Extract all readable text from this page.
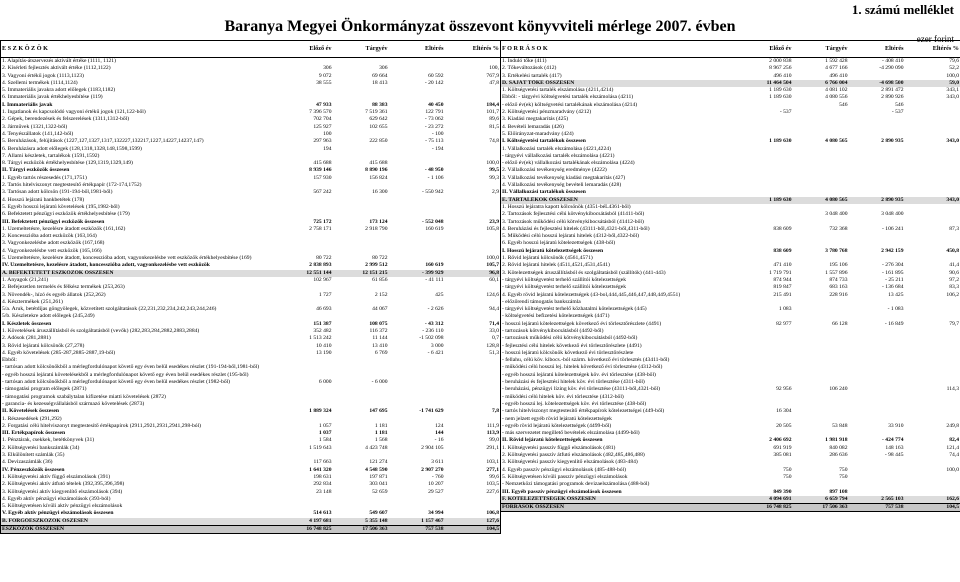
1. számú melléklet
Baranya Megyei Önkormányzat összevont könyvviteli mérlege 2007. évben
ezer forint
E S Z K Ö Z Ö K	Előző év	Tárgyév	Eltérés	Eltérés %
1. Alapítás-átszervezés aktivált értéke (1111, 1121)				
2. Kísérleti fejlesztés aktivált értéke (1112,1122)	306	306		100,
3. Vagyoni értékű jogok (1113,1123)	9 072	69 664	60 592	767,9
4. Szellemi termékek (1114,1124)	38 555	18 413	- 20 142	47,8
5. Immateriális javakra adott előlegek (1183,1182)				
6. Immateriális javak értékhelyesbítése (119)				
I. Immateriális javak	47 933	88 383	40 450	184,4
1. Ingatlanok és kapcsolódó vagyoni értékű jogok (121,122-ből)	7 396 570	7 519 361	122 791	101,7
2. Gépek, berendezések és felszerelések (1311,1312-ből)	702 704	629 642	- 73 062	89,6
3. Járművek (1321,1322-ből)	125 927	102 655	- 23 272	81,5
4. Tenyészállatok (141,142-ből)	100		- 100	
5. Beruházások, felújítások (1227,127,1327,1317,132227,132217,1227,14227,14237,147)	297 963	222 850	- 75 113	74,8
6. Beruházásra adott előlegek (128,1318,1328,148,1598,1599)	194		- 194	
7. Állami készletek, tartalékok (1591,1592)				
8. Tárgyi eszközök értékhelyesbítése (129,1319,1329,149)	415 688	415 688		100,0
II. Tárgyi eszközök összesen	8 939 146	8 890 196	- 48 950	99,5
1. Egyéb tartós részesedés (171,1751)	157 930	156 824	- 1 106	99,3
2. Tartós hitelviszonyt megtestesítő értékpapír (172-174,1752)				
3. Tartósan adott kölcsön (191-194-ből,1981-ből)	567 242	16 300	- 550 942	2,9
4. Hosszú lejáratú bankbetétek (178)				
5. Egyéb hosszú lejáratú követelések (195,1982-ből)				
6. Befektetett pénzügyi eszközök értékhelyesbítése (179)				
III. Befektetett pénzügyi eszközök összesen	725 172	173 124	- 552 048	23,9
1. Üzemeltetésre, kezelésre átadott eszközök (161,162)	2 758 171	2 918 790	160 619	105,8
2. Koncesszióba adott eszközök (163,164)				
3. Vagyonkezelésbe adott eszközök (167,168)				
4. Vagyonkezelésbe vett eszközök (165,166)				
5. Üzemeltetésre, kezelésre átadott, koncesszióba adott, vagyonkezelésbe vett eszközök értékhelyesbítése (169)	80 722	80 722		100,0
IV. Üzemeltetésre, kezelésre átadott, koncesszióba adott, vagyonkezelésbe vett eszközök	2 838 893	2 999 512	160 619	105,7
A. BEFEKTETETT ESZKÖZÖK ÖSSZESEN	12 551 144	12 151 215	- 399 929	96,8
1. Anyagok (21,241)	102 967	61 856	- 41 111	60,1
2. Befejezetlen termelés és félkész termékek (253,263)				
3. Növendék-, hízó és egyéb állatok (252,262)	1 727	2 152	425	124,6
4. Késztermékek (251,261)				
5/a. Áruk, betétdíjas göngyölegek, közvetített szolgáltatások (22,231,232,234,242,243,244,246)	46 693	44 067	- 2 626	94,4
5/b. Készletekre adott előlegek (245,249)				
I. Készletek összesen	151 387	108 075	- 43 312	71,4
1. Követelések áruszállításból és szolgáltatásból (vevők) (282,283,284,2882,2883,2884)	352 482	116 372	- 236 110	33,0
2. Adósok (281,2881)	1 513 242	11 144	-1 502 098	0,7
3. Rövid lejáratú kölcsönök (27,278)	10 410	13 410	3 000	128,8
4. Egyéb követelések (285-287,2885-2887,19-ből)	13 190	6 769	- 6 421	51,3
Ebből:				
- tartósan adott kölcsönökből a mérlegfordulónapot követő egy éven belül esedékes részlet (191-194-ből,1981-ből)				
- egyéb hosszú lejáratú követelésekből a mérlegfordulónapot követő egy éven belül esedékes részlet (195-ből)				
- tartósan adott kölcsönökből a mérlegfordulónapot követő egy éven belül esedékes részlet (1982-ből)	6 000	- 6 000		
- támogatási program előlegek (2871)				
- támogatási programok szabálytalan kifizetése miatti követelések (2872)				
- garancia- és kezességvállalásból származó követelések (2873)				
II. Követelések összesen	1 889 324	147 695	-1 741 629	7,8
1. Részesedések (291,292)				
2. Forgatási célú hitelviszonyt megtestesítő értékpapírok (2911,2921,2931,2941,298-ból)	1 057	1 181	124	111,9
III. Értékpapírok összesen	1 037	1 181	144	113,9
1. Pénztárak, csekkek, betétkönyvek (31)	1 584	1 568	- 16	99,0
2. Költségvetési bankszámlák (34)	1 519 643	4 423 748	2 904 105	291,1
3. Elkülönített számlák (35)				
4. Devizaszámlák (36)	117 663	121 274	3 611	103,1
IV. Pénzeszközök összesen	1 641 320	4 548 590	2 907 270	277,1
1. Költségvetési aktív függő elszámolások (391)	198 631	197 871	- 760	99,6
2. Költségvetési aktív átfutó tételek (392,395,396,398)	292 834	303 041	10 207	103,5
3. Költségvetési aktív kiegyenlítő elszámolások (394)	23 148	52 659	29 527	227,6
4. Egyéb aktív pénzügyi elszámolások (393-ból)				
5. Költségvetésen kívüli aktív pénzügyi elszámolások				
V. Egyéb aktív pénzügyi elszámolások összesen	514 613	549 607	34 994	106,8
B. FORGÓESZKÖZÖK ÖSZESEN	4 197 681	5 355 148	1 157 467	127,6
ESZKÖZÖK ÖSSZESEN	16 748 825	17 506 363	757 538	104,5
F O R R Á S O K	Előző év	Tárgyév	Eltérés	Eltérés %
1. Induló tőke (411)	2 000 838	1 592 428	- 408 410	79,6
2. Tőkeváltozások (412)	8 967 256	4 677 166	-4 290 090	52,2
3. Értékelési tartalék (417)	496 410	496 410		100,0
D. SAJÁT TŐKE ÖSSZESEN	11 464 504	6 766 004	-4 698 500	59,0
1. Költségvetési tartalék elszámolása (4211,4214)	1 189 630	4 081 102	2 891 472	343,1
Ebből: - tárgyévi költségvetési tartalék elszámolása (4211)	1 189 630	4 080 556	2 890 926	343,0
- előző év(ek) költségvetési tartalékának elszámolása (4214)		546	546	
2. Költségvetési pénzmaradvány (4212)	- 537		- 537	
3. Kiadási megtakarítás (425)				
4. Bevételi lemaradás (426)				
5. Előirányzat-maradvány (424)				
I. Költségvetési tartalékok összesen	1 189 630	4 080 565	2 890 935	343,0
1. Vállalkozási tartalék elszámolása (4221,4224)				
- tárgyévi vállalkozási tartalék elszámolása (4221)				
- előző év(ek) vállalkozási tartalékának elszámolása (4224)				
2. Vállalkozási tevékenység eredménye (4222)				
3. Vállalkozási tevékenység kiadási megtakarítás (427)				
4. Vállalkozási tevékenység bevételi lemaradás (428)				
II. Vállalkozási tartalékok összesen				
E. TARTALÉKOK ÖSSZESEN	1 189 630	4 080 565	2 890 935	343,0
1. Hosszú lejáratra kapott kölcsönök (4351-béL4361-ből)				
2. Tartozások fejlesztési célú kötvénykibocsátásból (41411-ből)		3 048 400	3 048 400	
3. Tartozások működési célú kötvénykibocsátásból (41412-ből)				
4. Beruházási és fejlesztési hitelek (43111-ből,4321-ből,4311-ből)	838 609	732 368	- 106 241	87,3
5. Működési célú hosszú lejáratú hitelek (4312-ből,4322-ből)				
6. Egyéb hosszú lejáratú kötelezettségek (438-ből)				
I. Hosszú lejáratú kötelezettségek összesen	838 609	3 780 768	2 942 159	450,8
1. Rövid lejáratú kölcsönök (4561,4571)				
2. Rövid lejáratú hitelek (4511,4521,4531,4541)	471 410	195 106	- 276 304	41,4
3. Kötelezettségek áruszállításból és szolgáltatásból (szállítók) (441-443)	1 719 791	1 557 896	- 161 895	90,6
- tárgyévi költségvetést terhelő szállítói kötelezettségek	874 944	874 733	- 25 211	97,2
- tárgyévi költségvetést terhelő szállítói kötelezettségek	819 847	683 163	- 136 684	83,3
4. Egyéb rövid lejáratú kötelezettségek (43-bol,444,445,446,447,448,449,4551)	215 491	228 916	13 425	106,2
- előzőrendi támogatás bankszámla				
- tárgyévi költségvetést terhelő közhatalmi kötelezettségek (445)	1 083		- 1 083	
- költségvetési befizetési kötelezettségek (4471)				
- hosszú lejáratú kötelezettségek következő évi törlesztőrészlete (4491)	82 977	66 128	- 16 849	79,7
- tartozások kötvénykibocsátásból (4492-ből)				
- tartozások működési célú kötvénykibocsátásból (4492-ből)				
- fejlesztési célú hitelek következő évi törlesztőrészlete (4491)				
- hosszú lejáratú kölcsönök következő évi törlesztőrészlete				
- fellahu, célú köv. kibocs.-ból szárm. következő évi törlesztés (43411-ből)				
- működési célú hosszú lej. hitelek következő évi törlesztése (4312-ből)				
- egyéb hosszú lejáratú kötelezettségek köv. évi törlesztése (438-ből)				
- beruházási és fejlesztési hitelek köv. évi törlesztése (4311-ből)				
- beruházási, pénzügyi lízing köv. évi törlesztése (43111-ből,4321-ből)	92 956	106 240		114,3
- működési célú hitelek köv. évi törlesztése (4312-ből)				
- egyéb hosszú lej. kötelezettségek köv. évi törlesztése (438-ből)				
- tartós hitelviszonyt megtestesítő értékpapírok kötelezettségei (449-ből)	16 304			
- nem jelzett egyéb rövid lejáratú kötelezettségek				
- egyéb rövid lejáratú kötelezettségek (4499-ből)	20 505	53 848	33 910	249,8
- más szervezetet megillető bevételek elszámolása (4499-ből)				
II. Rövid lejáratú kötelezettségek összesen	2 406 692	1 981 918	- 424 774	82,4
1. Költségvetési passzív függő elszámolások (481)	691 919	840 082	148 163	121,4
2. Költségvetési passzív átfutó elszámolások (482,485,486,488)	385 081	286 636	- 98 445	74,4
3. Költségvetési passzív kiegyenlítő elszámolások (483-484)				
4. Egyéb passzív pénzügyi elszámolások (485-488-ból)	750	750		100,0
5. Költségvetésen kívüli passzív pénzügyi elszámolások	750	750		
- Nemzetközi támogatási programok devizaelszámolása (488-ból)				
III. Egyéb passzív pénzügyi elszámolások összesen	849 390	897 108		
F. KÖTELEZETTSÉGEK ÖSSZESEN	4 094 691	6 659 794	2 565 103	162,6

FORRÁSOK ÖSSZESEN	16 748 825	17 506 363	757 538	104,5
